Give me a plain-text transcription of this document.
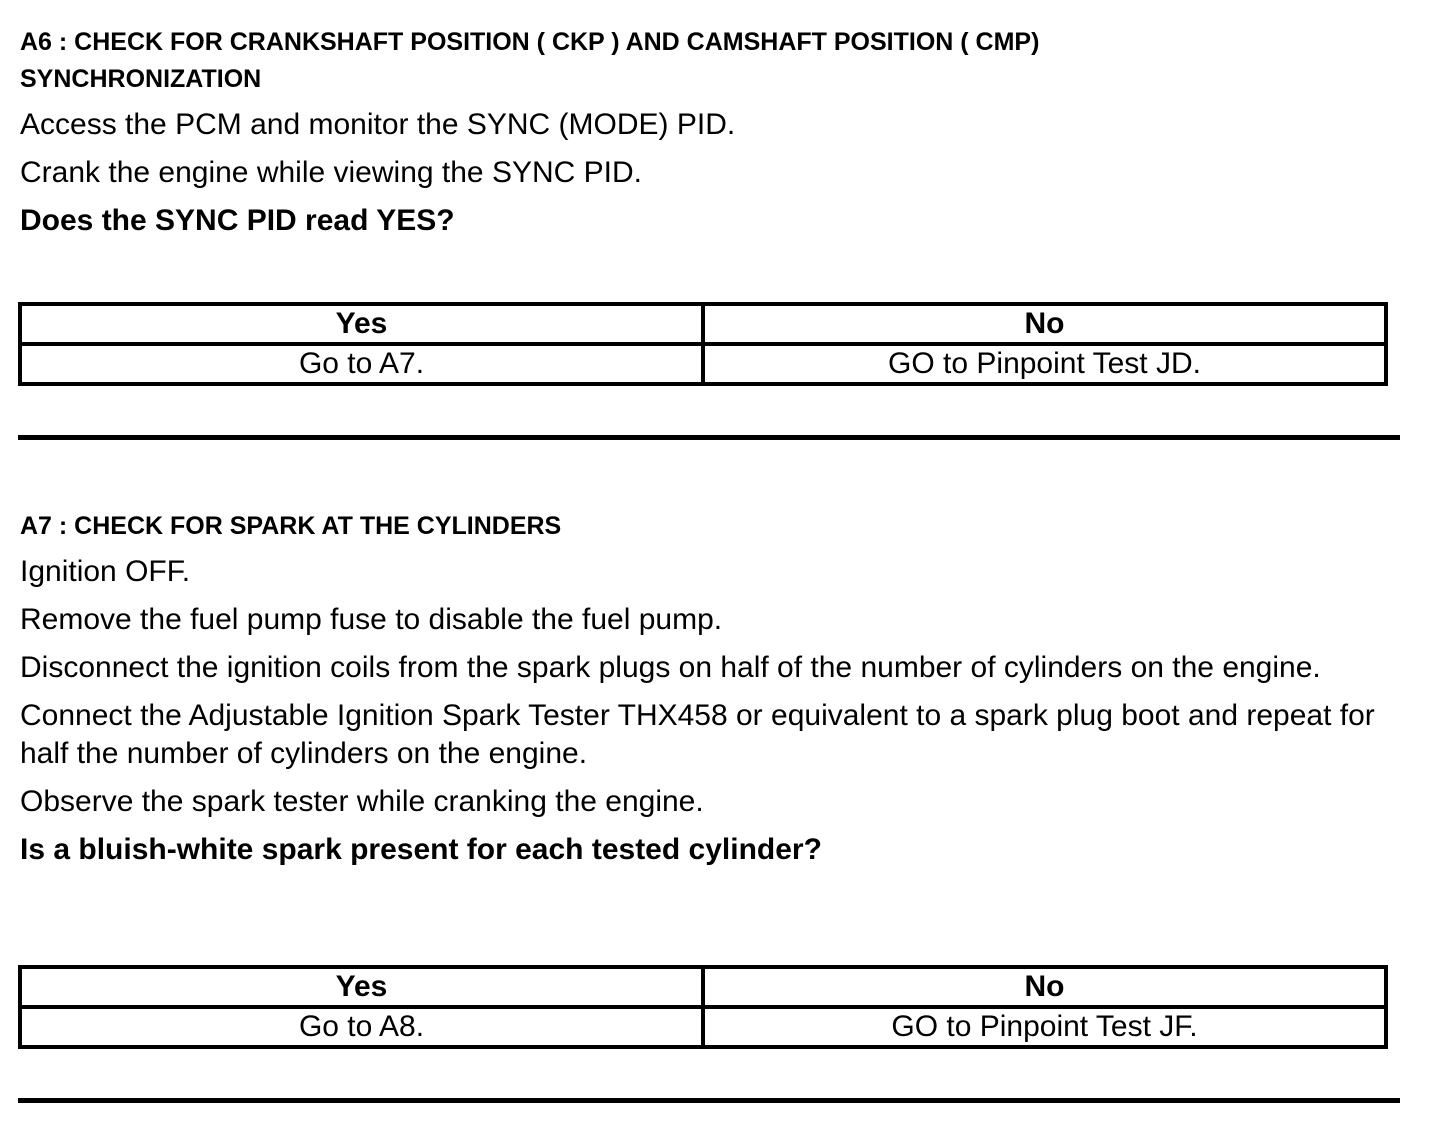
A6 : CHECK FOR CRANKSHAFT POSITION ( CKP ) AND CAMSHAFT POSITION ( CMP) SYNCHRONIZATION

Access the PCM and monitor the SYNC (MODE) PID.

Crank the engine while viewing the SYNC PID.

Does the SYNC PID read YES?

Yes	No
Go to A7.	GO to Pinpoint Test JD.
A7 : CHECK FOR SPARK AT THE CYLINDERS

Ignition OFF.

Remove the fuel pump fuse to disable the fuel pump.

Disconnect the ignition coils from the spark plugs on half of the number of cylinders on the engine.

Connect the Adjustable Ignition Spark Tester THX458 or equivalent to a spark plug boot and repeat for half the number of cylinders on the engine.

Observe the spark tester while cranking the engine.

Is a bluish-white spark present for each tested cylinder?

Yes	No
Go to A8.	GO to Pinpoint Test JF.
